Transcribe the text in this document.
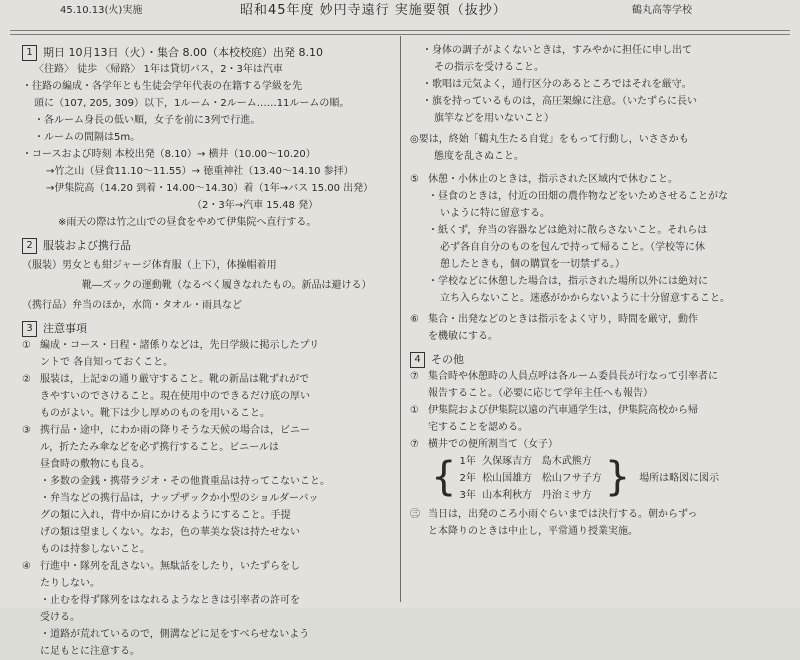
45.10.13(火)実施	昭和45年度 妙円寺遠行 実施要領（抜抄）	鶴丸高等学校
1 期日 10月13日（火）・集合 8.00（本校校庭）出発 8.10
〈往路〉 徒歩 〈帰路〉 1年は貸切バス，2・3年は汽車
・往路の編成・各学年とも生徒会学年代表の在籍する学級を先
頭に（107, 205, 309）以下，1ルーム・2ルーム……11ルームの順。
・各ルーム身長の低い順，女子を前に3列で行進。
・ルームの間隔は5m。
・コースおよび時刻 本校出発（8.10）→ 横井（10.00〜10.20）
→竹之山（昼食11.10〜11.55）→ 徳重神社（13.40〜14.10 参拝）
→伊集院高（14.20 到着・14.00〜14.30）着（1年→バス 15.00 出発）
（2・3年→汽車 15.48 発）
※雨天の際は竹之山での昼食をやめて伊集院へ直行する。
2 服装および携行品
（服装）男女とも紺ジャージ体育服（上下），体操帽着用
靴―ズックの運動靴（なるべく履きなれたもの。新品は避ける）
（携行品）弁当のほか，水筒・タオル・雨具など
3 注意事項
① 編成・コース・日程・諸係りなどは，先日学級に掲示したプリ
ントで 各自知っておくこと。
② 服装は，上記②の通り厳守すること。靴の新品は靴ずれがで
きやすいのでさけること。現在使用中のできるだけ底の厚い
ものがよい。靴下は少し厚めのものを用いること。
③ 携行品・途中，にわか雨の降りそうな天候の場合は，ビニー
ル，折たたみ傘などを必ず携行すること。ビニールは
昼食時の敷物にも良る。
・多数の金銭・携帯ラジオ・その他貴重品は持ってこないこと。
・弁当などの携行品は，ナップザックか小型のショルダーバッ
グの類に入れ，背中か肩にかけるようにすること。手提
げの類は望ましくない。なお，色の華美な袋は持たせない
ものは持参しないこと。
④ 行進中・隊列を乱さない。無駄話をしたり，いたずらをし
たりしない。
・止むを得ず隊列をはなれるようなときは引率者の許可を
受ける。
・道路が荒れているので，側溝などに足をすべらせないよう
に足もとに注意する。
・身体の調子がよくないときは，すみやかに担任に申し出て
その指示を受けること。
・歌唱は元気よく，通行区分のあるところではそれを厳守。
・旗を持っているものは，高圧架線に注意。（いたずらに長い
旗竿などを用いないこと）
◎要は，終始「鶴丸生たる自覚」をもって行動し，いささかも
態度を乱さぬこと。
⑤ 休憩・小休止のときは，指示された区域内で休むこと。
・昼食のときは，付近の田畑の農作物などをいためさせることがな
いように特に留意する。
・紙くず，弁当の容器などは絶対に散らさないこと。それらは
必ず各自自分のものを包んで持って帰ること。（学校等に休
憩したときも，個の購買を一切禁ずる。）
・学校などに休憩した場合は，指示された場所以外には絶対に
立ち入らないこと。迷惑がかからないように十分留意すること。
⑥ 集合・出発などのときは指示をよく守り，時間を厳守，動作
を機敏にする。
4 その他
⑦ 集合時や休憩時の人員点呼は各ルーム委員長が行なって引率者に
報告すること。（必要に応じて学年主任へも報告）
① 伊集院および伊集院以遠の汽車通学生は，伊集院高校から帰
宅することを認める。
⑦ 横井での便所割当て（女子）
{ 1年 久保琢吉方 島木武熊方
2年 松山国雄方 松山フサ子方
3年 山本利秋方 丹治ミサ方 } 場所は略図に図示
㊂ 当日は，出発のころ小雨ぐらいまでは決行する。朝からずっ
と本降りのときは中止し，平常通り授業実施。
